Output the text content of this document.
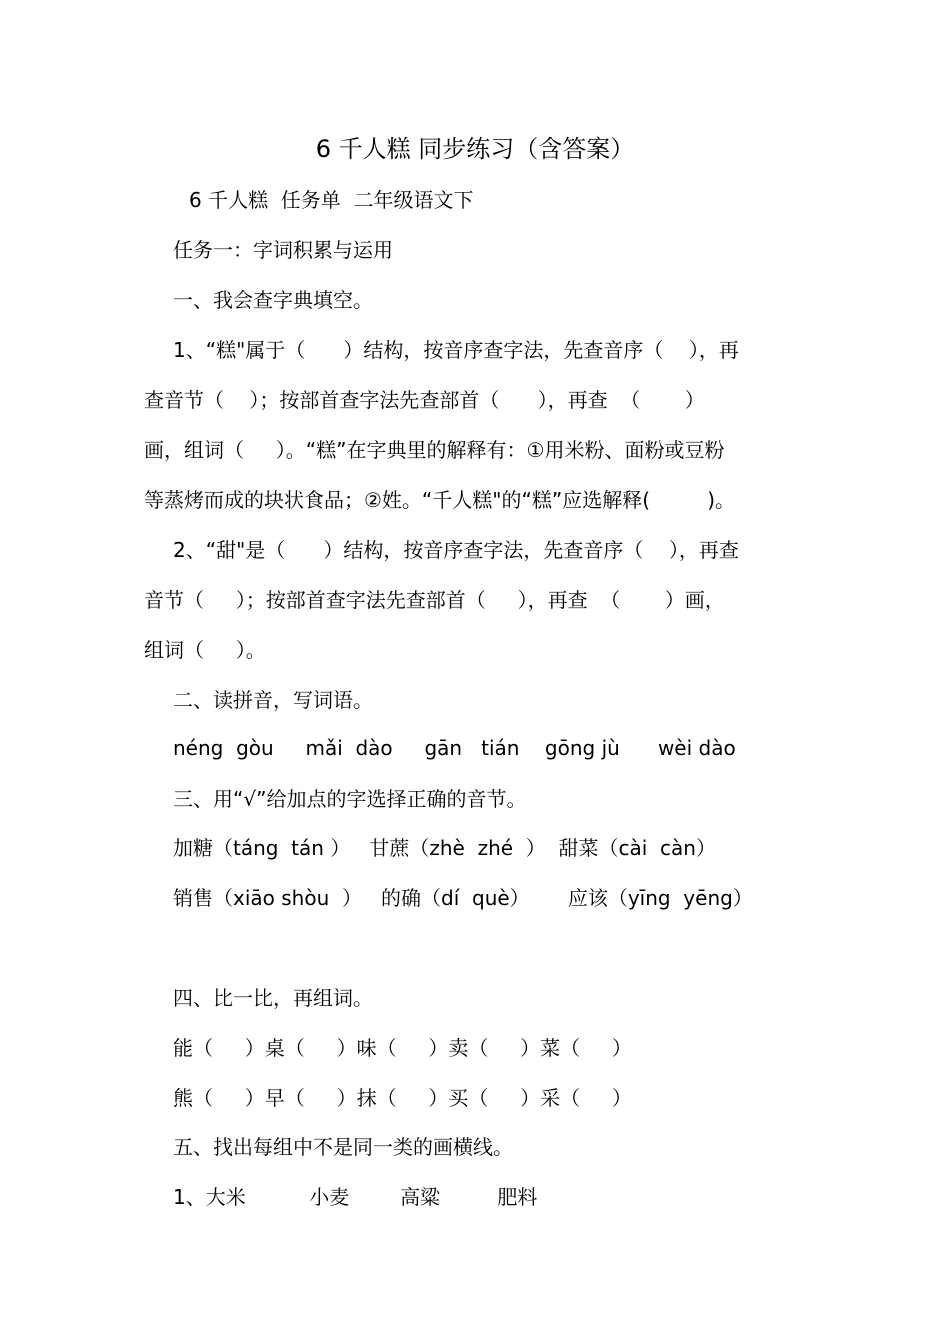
6 千人糕 同步练习（含答案）
6 千人糕  任务单  二年级语文下
任务一：字词积累与运用
一、我会查字典填空。
1、“糕"属于（      ）结构，按音序查字法，先查音序（    ），再
查音节（    ）；按部首查字法先查部首（      ），再查  （       ）
画，组词（     ）。“糕”在字典里的解释有：①用米粉、面粉或豆粉
等蒸烤而成的块状食品；②姓。“千人糕"的“糕”应选解释(         )。
2、“甜"是（      ）结构，按音序查字法，先查音序（    ），再查
音节（     ）；按部首查字法先查部首（     ），再查  （       ）画，
组词（     ）。
二、读拼音，写词语。
néng  gòu     mǎi  dào     gān   tián    gōng jù      wèi dào
三、用“√”给加点的字选择正确的音节。
加糖（táng  tán ）   甘蔗（zhè  zhé  ）  甜菜（cài  càn）
销售（xiāo shòu  ）   的确（dí  què）      应该（yīng  yēng）
四、比一比，再组词。
能（     ）桌（     ）味（     ）卖（     ）菜（     ）
熊（     ）早（     ）抹（     ）买（     ）采（     ）
五、找出每组中不是同一类的画横线。
1、大米          小麦        高粱         肥料
